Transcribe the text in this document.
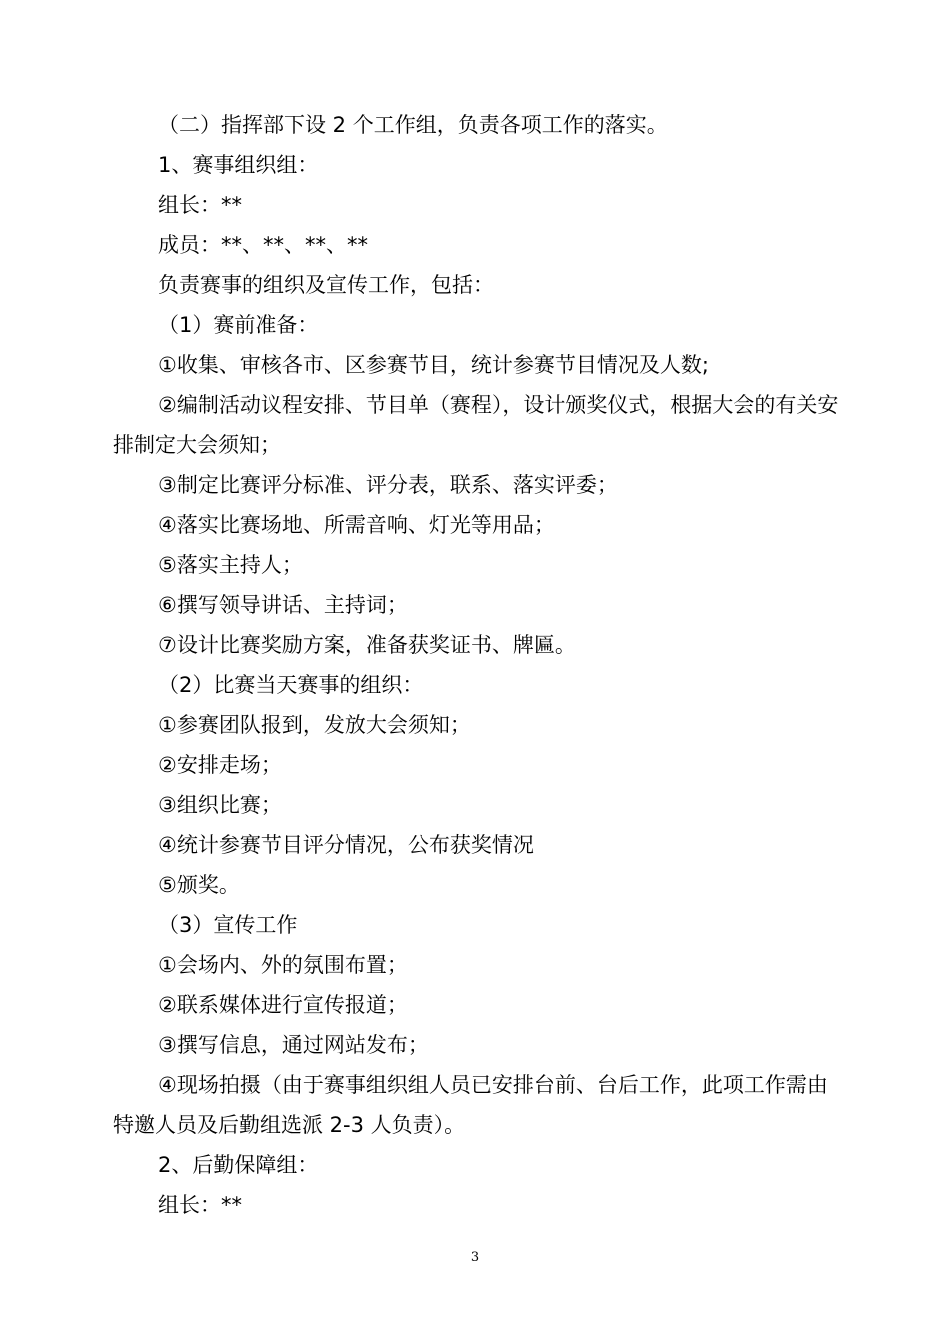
（二）指挥部下设 2 个工作组，负责各项工作的落实。

1、赛事组织组：

组长：**

成员：**、**、**、**

负责赛事的组织及宣传工作，包括：

（1）赛前准备：

①收集、审核各市、区参赛节目，统计参赛节目情况及人数;

②编制活动议程安排、节目单（赛程），设计颁奖仪式，根据大会的有关安排制定大会须知；

③制定比赛评分标准、评分表，联系、落实评委；

④落实比赛场地、所需音响、灯光等用品；

⑤落实主持人；

⑥撰写领导讲话、主持词；

⑦设计比赛奖励方案，准备获奖证书、牌匾。

（2）比赛当天赛事的组织：

①参赛团队报到，发放大会须知；

②安排走场；

③组织比赛；

④统计参赛节目评分情况，公布获奖情况

⑤颁奖。

（3）宣传工作

①会场内、外的氛围布置；

②联系媒体进行宣传报道；

③撰写信息，通过网站发布；

④现场拍摄（由于赛事组织组人员已安排台前、台后工作，此项工作需由特邀人员及后勤组选派 2-3 人负责）。

2、后勤保障组：

组长：**

3
